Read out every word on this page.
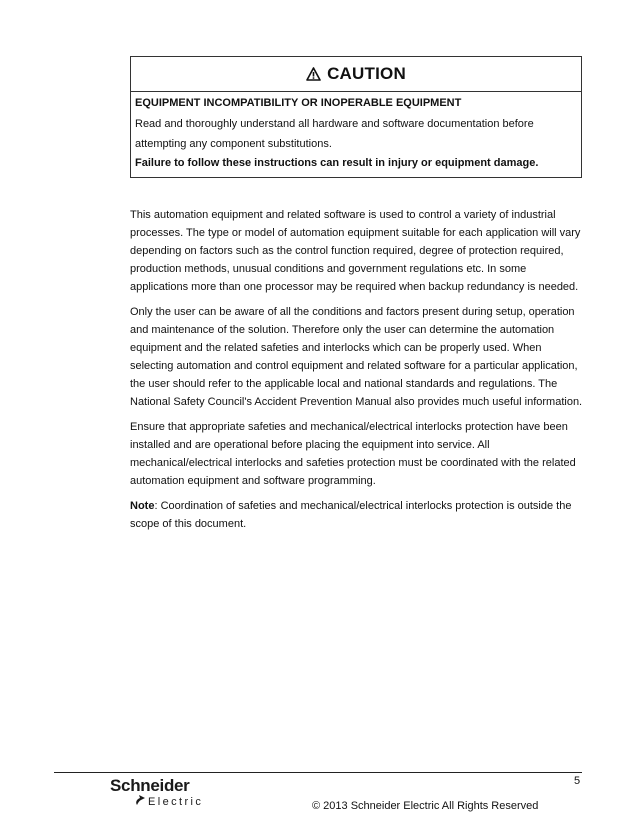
CAUTION
EQUIPMENT INCOMPATIBILITY OR INOPERABLE EQUIPMENT
Read and thoroughly understand all hardware and software documentation before attempting any component substitutions.
Failure to follow these instructions can result in injury or equipment damage.

This automation equipment and related software is used to control a variety of industrial processes. The type or model of automation equipment suitable for each application will vary depending on factors such as the control function required, degree of protection required, production methods, unusual conditions and government regulations etc. In some applications more than one processor may be required when backup redundancy is needed.

Only the user can be aware of all the conditions and factors present during setup, operation and maintenance of the solution. Therefore only the user can determine the automation equipment and the related safeties and interlocks which can be properly used. When selecting automation and control equipment and related software for a particular application, the user should refer to the applicable local and national standards and regulations. The National Safety Council's Accident Prevention Manual also provides much useful information.

Ensure that appropriate safeties and mechanical/electrical interlocks protection have been installed and are operational before placing the equipment into service. All mechanical/electrical interlocks and safeties protection must be coordinated with the related automation equipment and software programming.

Note: Coordination of safeties and mechanical/electrical interlocks protection is outside the scope of this document.

5
Schneider
Electric	© 2013 Schneider Electric All Rights Reserved
